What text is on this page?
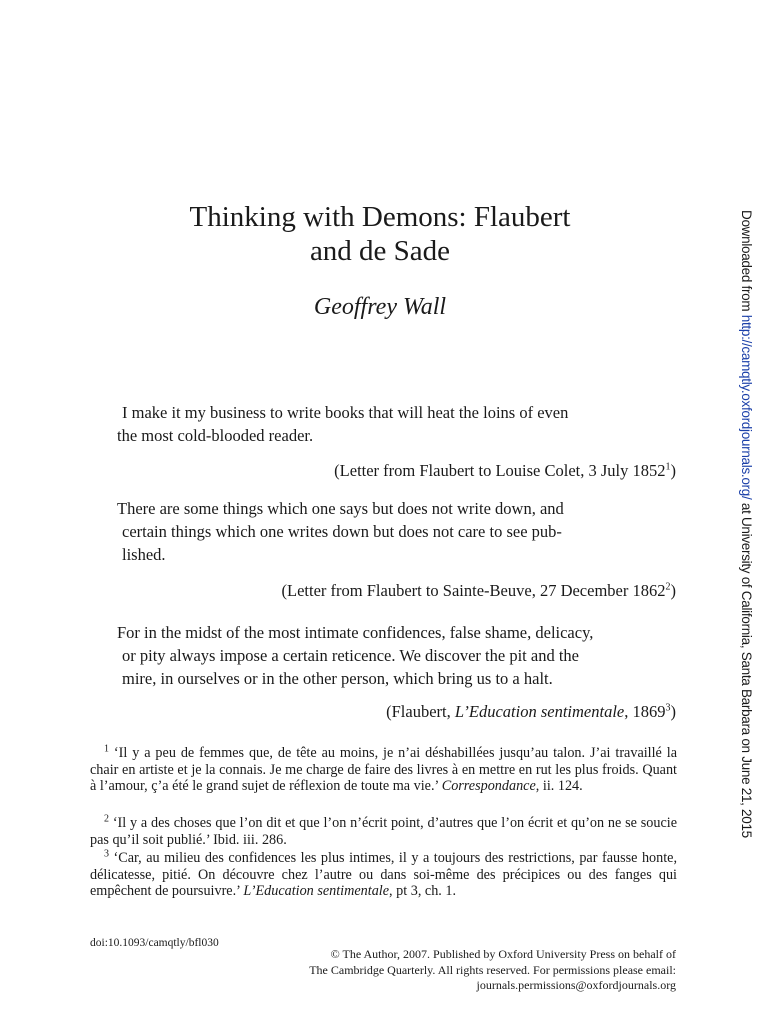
Thinking with Demons: Flaubert
and de Sade
Geoffrey Wall

I make it my business to write books that will heat the loins of even

the most cold-blooded reader.

(Letter from Flaubert to Louise Colet, 3 July 1852$^1$)

There are some things which one says but does not write down, and

certain things which one writes down but does not care to see pub-

lished.

(Letter from Flaubert to Sainte-Beuve, 27 December 1862$^2$)

For in the midst of the most intimate confidences, false shame, delicacy,

or pity always impose a certain reticence. We discover the pit and the

mire, in ourselves or in the other person, which bring us to a halt.

(Flaubert, L’Education sentimentale, 1869$^3$)
$^1$ ‘Il y a peu de femmes que, de tête au moins, je n’ai déshabillées jusqu’au talon. J’ai travaillé la chair en artiste et je la connais. Je me charge de faire des livres à en mettre en rut les plus froids. Quant à l’amour, ç’a été le grand sujet de réflexion de toute ma vie.’ Correspondance, ii. 124.
$^2$ ‘Il y a des choses que l’on dit et que l’on n’écrit point, d’autres que l’on écrit et qu’on ne se soucie pas qu’il soit publié.’ Ibid. iii. 286.
$^3$ ‘Car, au milieu des confidences les plus intimes, il y a toujours des restrictions, par fausse honte, délicatesse, pitié. On découvre chez l’autre ou dans soi-même des précipices ou des fanges qui empêchent de poursuivre.’ L’Education sentimentale, pt 3, ch. 1.
doi:10.1093/camqtly/bfl030
© The Author, 2007. Published by Oxford University Press on behalf of
The Cambridge Quarterly. All rights reserved. For permissions please email:
journals.permissions@oxfordjournals.org
Downloaded from http://camqtly.oxfordjournals.org/ at University of California, Santa Barbara on June 21, 2015
